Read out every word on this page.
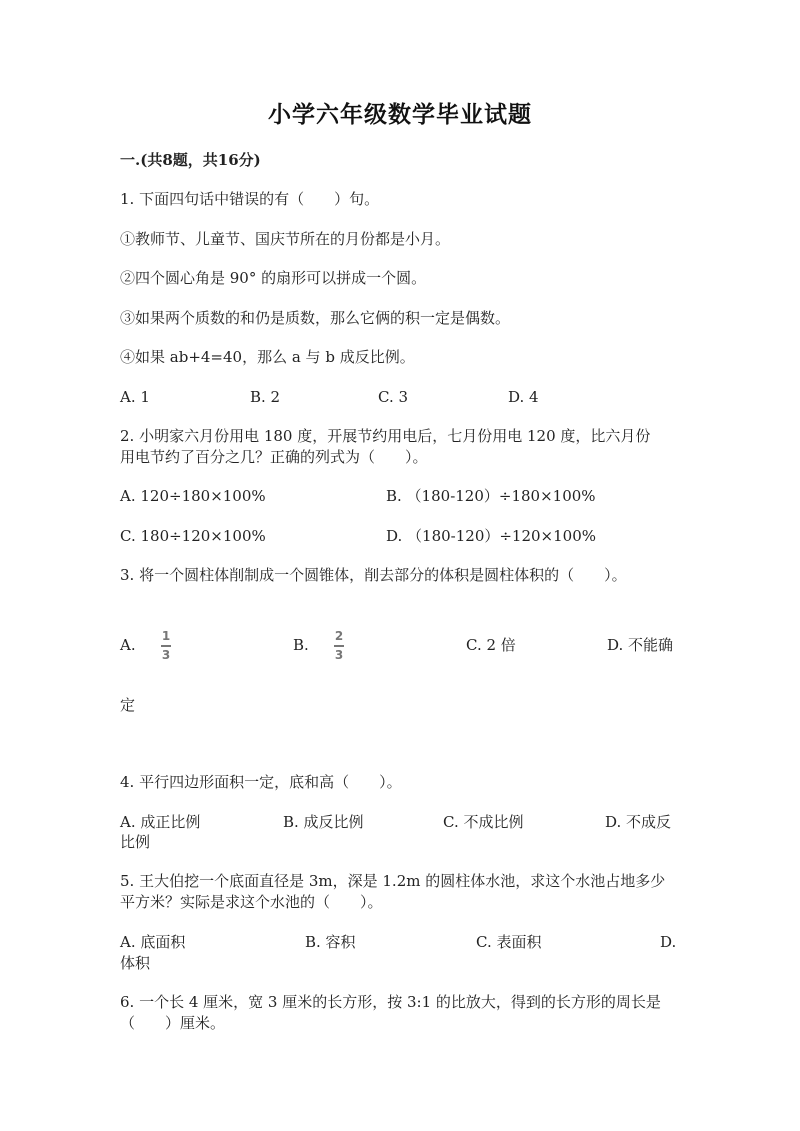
小学六年级数学毕业试题
一.(共8题，共16分)
1. 下面四句话中错误的有（　　）句。
①教师节、儿童节、国庆节所在的月份都是小月。
②四个圆心角是 90° 的扇形可以拼成一个圆。
③如果两个质数的和仍是质数，那么它俩的积一定是偶数。
④如果 ab+4=40，那么 a 与 b 成反比例。
A. 1	B. 2	C. 3	D. 4
2. 小明家六月份用电 180 度，开展节约用电后，七月份用电 120 度，比六月份
用电节约了百分之几？正确的列式为（　　）。
A. 120÷180×100%	B. （180-120）÷180×100%
C. 180÷120×100%	D. （180-120）÷120×100%
3. 将一个圆柱体削制成一个圆锥体，削去部分的体积是圆柱体积的（　　）。
A. 1
3
B. 2
3
C. 2 倍	D. 不能确
定
4. 平行四边形面积一定，底和高（　　）。
A. 成正比例	B. 成反比例	C. 不成比例	D. 不成反
比例
5. 王大伯挖一个底面直径是 3m，深是 1.2m 的圆柱体水池，求这个水池占地多少
平方米？实际是求这个水池的（　　）。
A. 底面积	B. 容积	C. 表面积	D.
体积
6. 一个长 4 厘米，宽 3 厘米的长方形，按 3:1 的比放大，得到的长方形的周长是
（　　）厘米。
